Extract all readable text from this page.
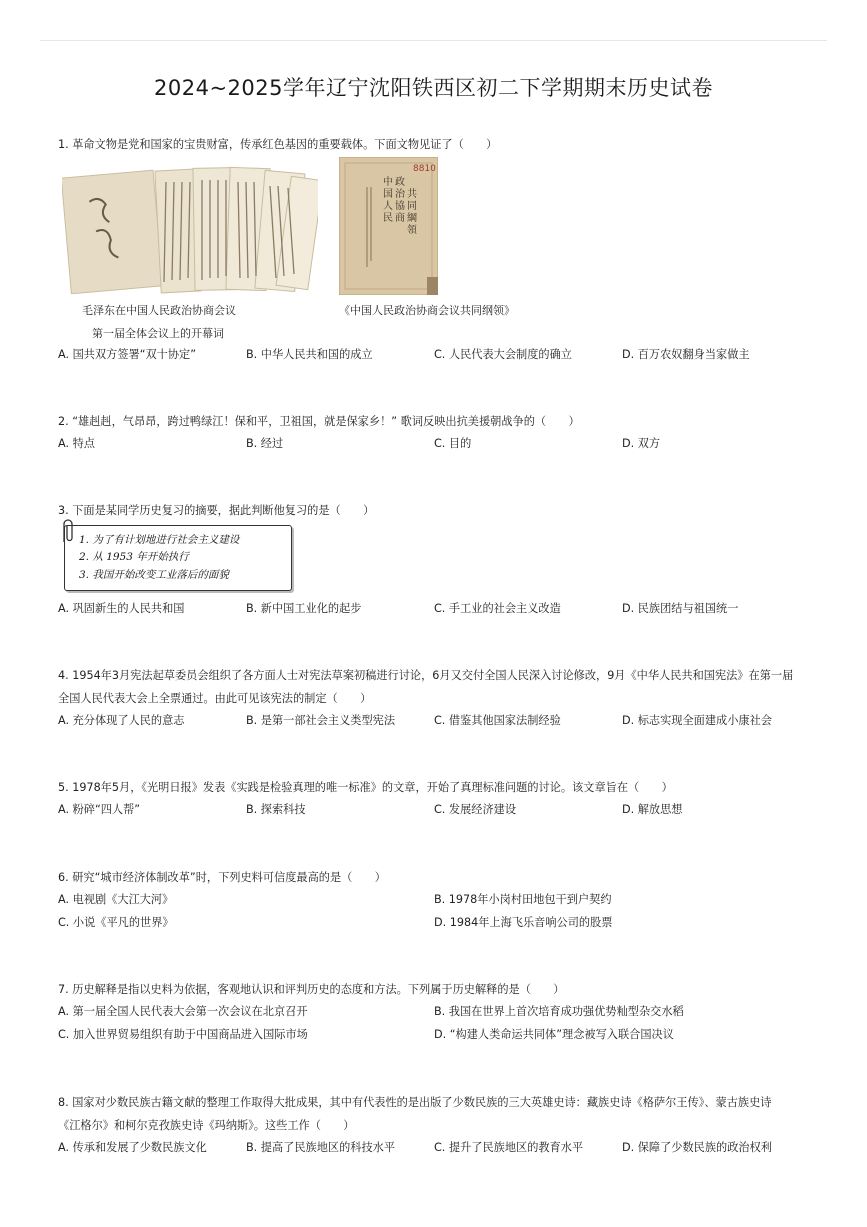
2024~2025学年辽宁沈阳铁西区初二下学期期末历史试卷
1. 革命文物是党和国家的宝贵财富，传承红色基因的重要载体。下面文物见证了（　　）
8810
中
国
人
民
政
治
協
商
共
同
綱
領
毛泽东在中国人民政治协商会议
第一届全体会议上的开幕词
《中国人民政治协商会议共同纲领》
A. 国共双方签署“双十协定”	B. 中华人民共和国的成立	C. 人民代表大会制度的确立	D. 百万农奴翻身当家做主
2. “雄赳赳，气昂昂，跨过鸭绿江！保和平，卫祖国，就是保家乡！” 歌词反映出抗美援朝战争的（　　）
A. 特点	B. 经过	C. 目的	D. 双方
3. 下面是某同学历史复习的摘要，据此判断他复习的是（　　）
1. 为了有计划地进行社会主义建设
2. 从 1953 年开始执行
3. 我国开始改变工业落后的面貌
A. 巩固新生的人民共和国	B. 新中国工业化的起步	C. 手工业的社会主义改造	D. 民族团结与祖国统一
4. 1954年3月宪法起草委员会组织了各方面人士对宪法草案初稿进行讨论，6月又交付全国人民深入讨论修改，9月《中华人民共和国宪法》在第一届
全国人民代表大会上全票通过。由此可见该宪法的制定（　　）
A. 充分体现了人民的意志	B. 是第一部社会主义类型宪法	C. 借鉴其他国家法制经验	D. 标志实现全面建成小康社会
5. 1978年5月，《光明日报》发表《实践是检验真理的唯一标准》的文章，开始了真理标准问题的讨论。该文章旨在（　　）
A. 粉碎“四人帮”	B. 探索科技	C. 发展经济建设	D. 解放思想
6. 研究“城市经济体制改革”时，下列史料可信度最高的是（　　）
A. 电视剧《大江大河》	B. 1978年小岗村田地包干到户契约
C. 小说《平凡的世界》	D. 1984年上海飞乐音响公司的股票
7. 历史解释是指以史料为依据，客观地认识和评判历史的态度和方法。下列属于历史解释的是（　　）
A. 第一届全国人民代表大会第一次会议在北京召开	B. 我国在世界上首次培育成功强优势籼型杂交水稻
C. 加入世界贸易组织有助于中国商品进入国际市场	D. “构建人类命运共同体”理念被写入联合国决议
8. 国家对少数民族古籍文献的整理工作取得大批成果，其中有代表性的是出版了少数民族的三大英雄史诗：藏族史诗《格萨尔王传》、蒙古族史诗
《江格尔》和柯尔克孜族史诗《玛纳斯》。这些工作（　　）
A. 传承和发展了少数民族文化	B. 提高了民族地区的科技水平	C. 提升了民族地区的教育水平	D. 保障了少数民族的政治权利
